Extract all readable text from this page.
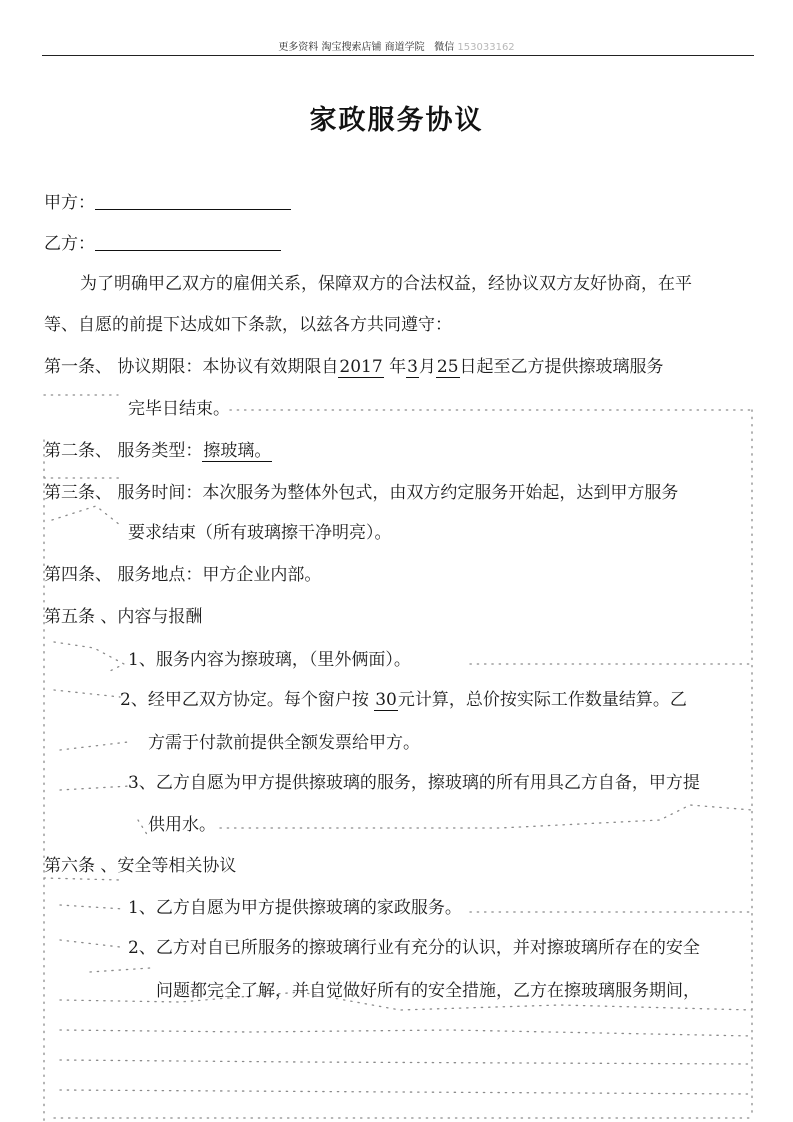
更多资料 淘宝搜索店铺 商道学院 微信 153033162
家政服务协议
甲方：
乙方：
为了明确甲乙双方的雇佣关系，保障双方的合法权益，经协议双方友好协商，在平
等、自愿的前提下达成如下条款，以兹各方共同遵守：
第一条、 协议期限：本协议有效期限自2017 年3月25日起至乙方提供擦玻璃服务
完毕日结束。
第二条、 服务类型：擦玻璃。
第三条、 服务时间：本次服务为整体外包式，由双方约定服务开始起，达到甲方服务
要求结束（所有玻璃擦干净明亮）。
第四条、 服务地点：甲方企业内部。
第五条 、内容与报酬
1、服务内容为擦玻璃，（里外俩面）。
2、经甲乙双方协定。每个窗户按 30元计算，总价按实际工作数量结算。乙
方需于付款前提供全额发票给甲方。
3、乙方自愿为甲方提供擦玻璃的服务，擦玻璃的所有用具乙方自备，甲方提
供用水。
第六条 、安全等相关协议
1、乙方自愿为甲方提供擦玻璃的家政服务。
2、乙方对自已所服务的擦玻璃行业有充分的认识，并对擦玻璃所存在的安全
问题都完全了解，并自觉做好所有的安全措施，乙方在擦玻璃服务期间，
